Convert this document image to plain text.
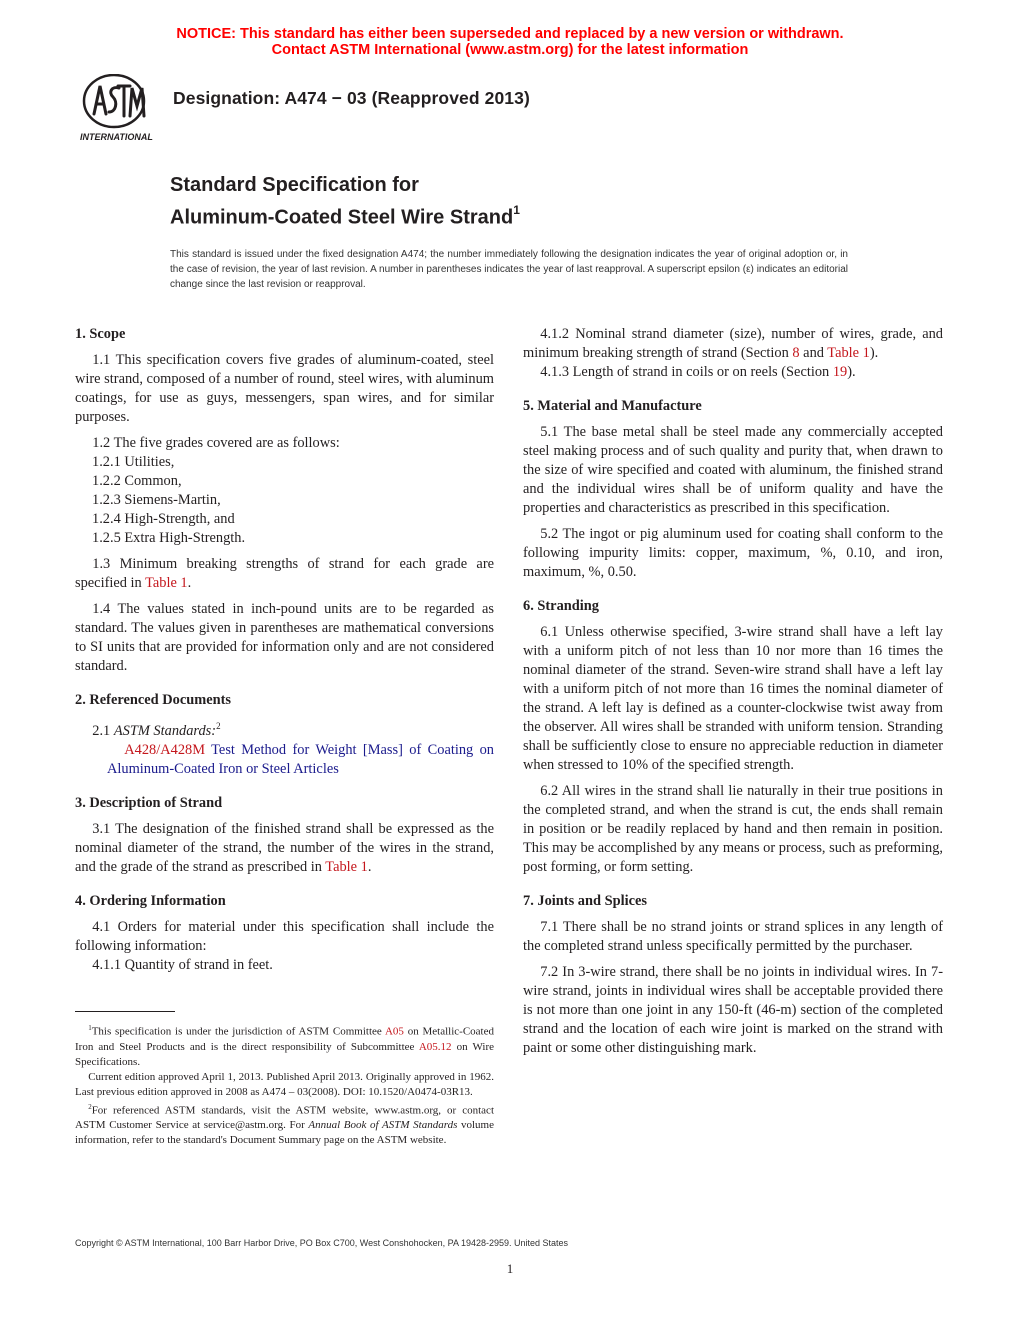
NOTICE: This standard has either been superseded and replaced by a new version or withdrawn.
Contact ASTM International (www.astm.org) for the latest information
INTERNATIONAL
Designation: A474 − 03 (Reapproved 2013)
Standard Specification for
Aluminum-Coated Steel Wire Strand$^1$
This standard is issued under the fixed designation A474; the number immediately following the designation indicates the year of original adoption or, in the case of revision, the year of last revision. A number in parentheses indicates the year of last reapproval. A superscript epsilon (ε) indicates an editorial change since the last revision or reapproval.
1. Scope

1.1 This specification covers five grades of aluminum-coated, steel wire strand, composed of a number of round, steel wires, with aluminum coatings, for use as guys, messengers, span wires, and for similar purposes.

1.2 The five grades covered are as follows:

1.2.1 Utilities,

1.2.2 Common,

1.2.3 Siemens-Martin,

1.2.4 High-Strength, and

1.2.5 Extra High-Strength.

1.3 Minimum breaking strengths of strand for each grade are specified in Table 1.

1.4 The values stated in inch-pound units are to be regarded as standard. The values given in parentheses are mathematical conversions to SI units that are provided for information only and are not considered standard.

2. Referenced Documents

2.1 ASTM Standards:$^2$

A428/A428M Test Method for Weight [Mass] of Coating on Aluminum-Coated Iron or Steel Articles

3. Description of Strand

3.1 The designation of the finished strand shall be expressed as the nominal diameter of the strand, the number of the wires in the strand, and the grade of the strand as prescribed in Table 1.

4. Ordering Information

4.1 Orders for material under this specification shall include the following information:

4.1.1 Quantity of strand in feet.

4.1.2 Nominal strand diameter (size), number of wires, grade, and minimum breaking strength of strand (Section 8 and Table 1).

4.1.3 Length of strand in coils or on reels (Section 19).

5. Material and Manufacture

5.1 The base metal shall be steel made any commercially accepted steel making process and of such quality and purity that, when drawn to the size of wire specified and coated with aluminum, the finished strand and the individual wires shall be of uniform quality and have the properties and characteristics as prescribed in this specification.

5.2 The ingot or pig aluminum used for coating shall conform to the following impurity limits: copper, maximum, %, 0.10, and iron, maximum, %, 0.50.

6. Stranding

6.1 Unless otherwise specified, 3-wire strand shall have a left lay with a uniform pitch of not less than 10 nor more than 16 times the nominal diameter of the strand. Seven-wire strand shall have a left lay with a uniform pitch of not more than 16 times the nominal diameter of the strand. A left lay is defined as a counter-clockwise twist away from the observer. All wires shall be stranded with uniform tension. Stranding shall be sufficiently close to ensure no appreciable reduction in diameter when stressed to 10% of the specified strength.

6.2 All wires in the strand shall lie naturally in their true positions in the completed strand, and when the strand is cut, the ends shall remain in position or be readily replaced by hand and then remain in position. This may be accomplished by any means or process, such as preforming, post forming, or form setting.

7. Joints and Splices

7.1 There shall be no strand joints or strand splices in any length of the completed strand unless specifically permitted by the purchaser.

7.2 In 3-wire strand, there shall be no joints in individual wires. In 7-wire strand, joints in individual wires shall be acceptable provided there is not more than one joint in any 150-ft (46-m) section of the completed strand and the location of each wire joint is marked on the strand with paint or some other distinguishing mark.

$^1$This specification is under the jurisdiction of ASTM Committee A05 on Metallic-Coated Iron and Steel Products and is the direct responsibility of Subcommittee A05.12 on Wire Specifications.

Current edition approved April 1, 2013. Published April 2013. Originally approved in 1962. Last previous edition approved in 2008 as A474 – 03(2008). DOI: 10.1520/A0474-03R13.

$^2$For referenced ASTM standards, visit the ASTM website, www.astm.org, or contact ASTM Customer Service at service@astm.org. For Annual Book of ASTM Standards volume information, refer to the standard's Document Summary page on the ASTM website.

Copyright © ASTM International, 100 Barr Harbor Drive, PO Box C700, West Conshohocken, PA 19428-2959. United States
1
